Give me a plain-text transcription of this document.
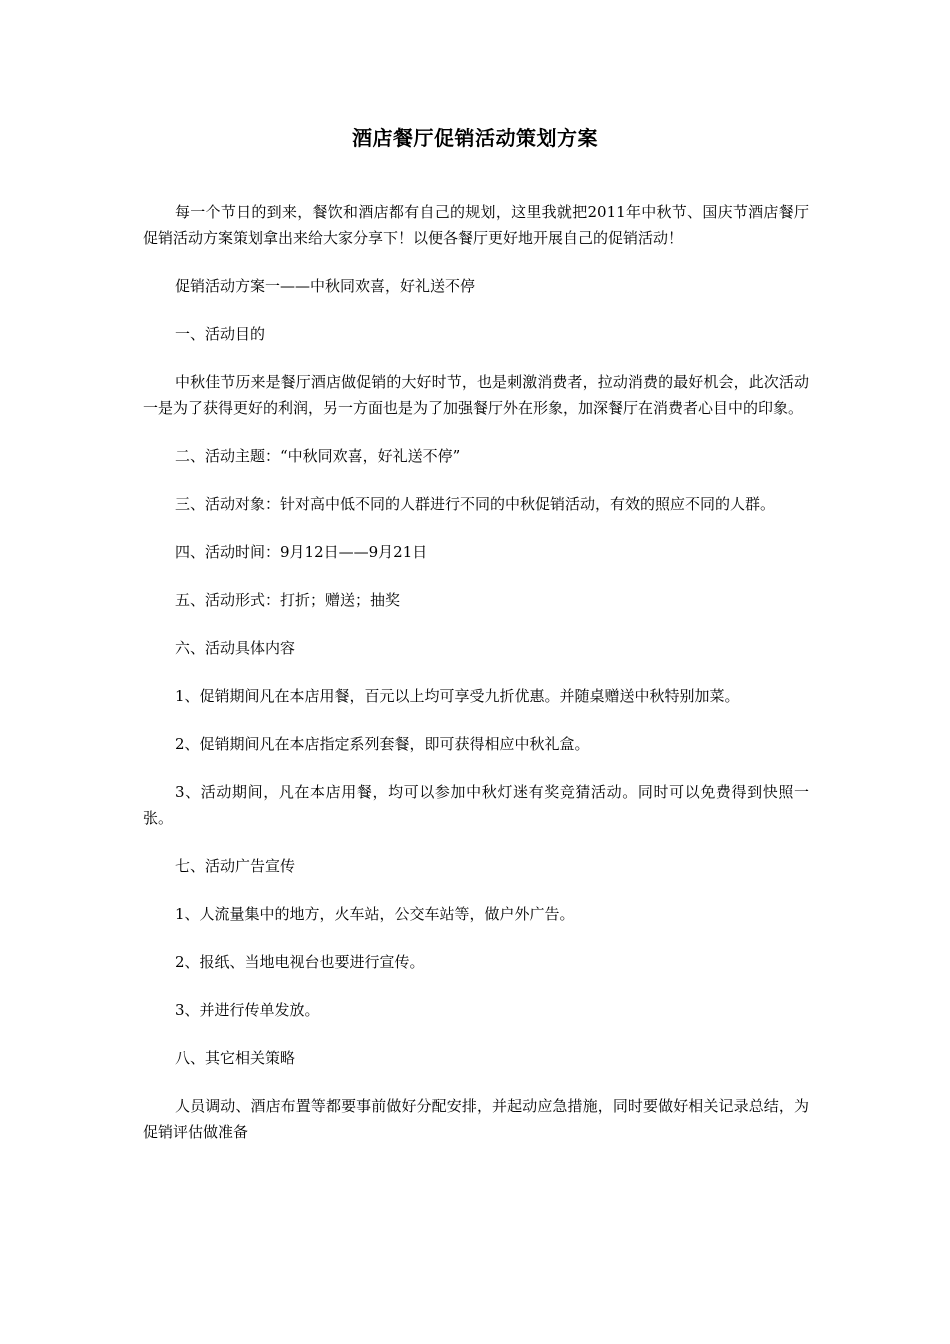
酒店餐厅促销活动策划方案

每一个节日的到来，餐饮和酒店都有自己的规划，这里我就把2011年中秋节、国庆节酒店餐厅促销活动方案策划拿出来给大家分享下！以便各餐厅更好地开展自己的促销活动！

促销活动方案一——中秋同欢喜，好礼送不停

一、活动目的

中秋佳节历来是餐厅酒店做促销的大好时节，也是刺激消费者，拉动消费的最好机会，此次活动一是为了获得更好的利润，另一方面也是为了加强餐厅外在形象，加深餐厅在消费者心目中的印象。

二、活动主题：“中秋同欢喜，好礼送不停”

三、活动对象：针对高中低不同的人群进行不同的中秋促销活动，有效的照应不同的人群。

四、活动时间：9月12日——9月21日

五、活动形式：打折；赠送；抽奖

六、活动具体内容

1、促销期间凡在本店用餐，百元以上均可享受九折优惠。并随桌赠送中秋特别加菜。

2、促销期间凡在本店指定系列套餐，即可获得相应中秋礼盒。

3、活动期间，凡在本店用餐，均可以参加中秋灯迷有奖竞猜活动。同时可以免费得到快照一张。

七、活动广告宣传

1、人流量集中的地方，火车站，公交车站等，做户外广告。

2、报纸、当地电视台也要进行宣传。

3、并进行传单发放。

八、其它相关策略

人员调动、酒店布置等都要事前做好分配安排，并起动应急措施，同时要做好相关记录总结，为促销评估做准备
